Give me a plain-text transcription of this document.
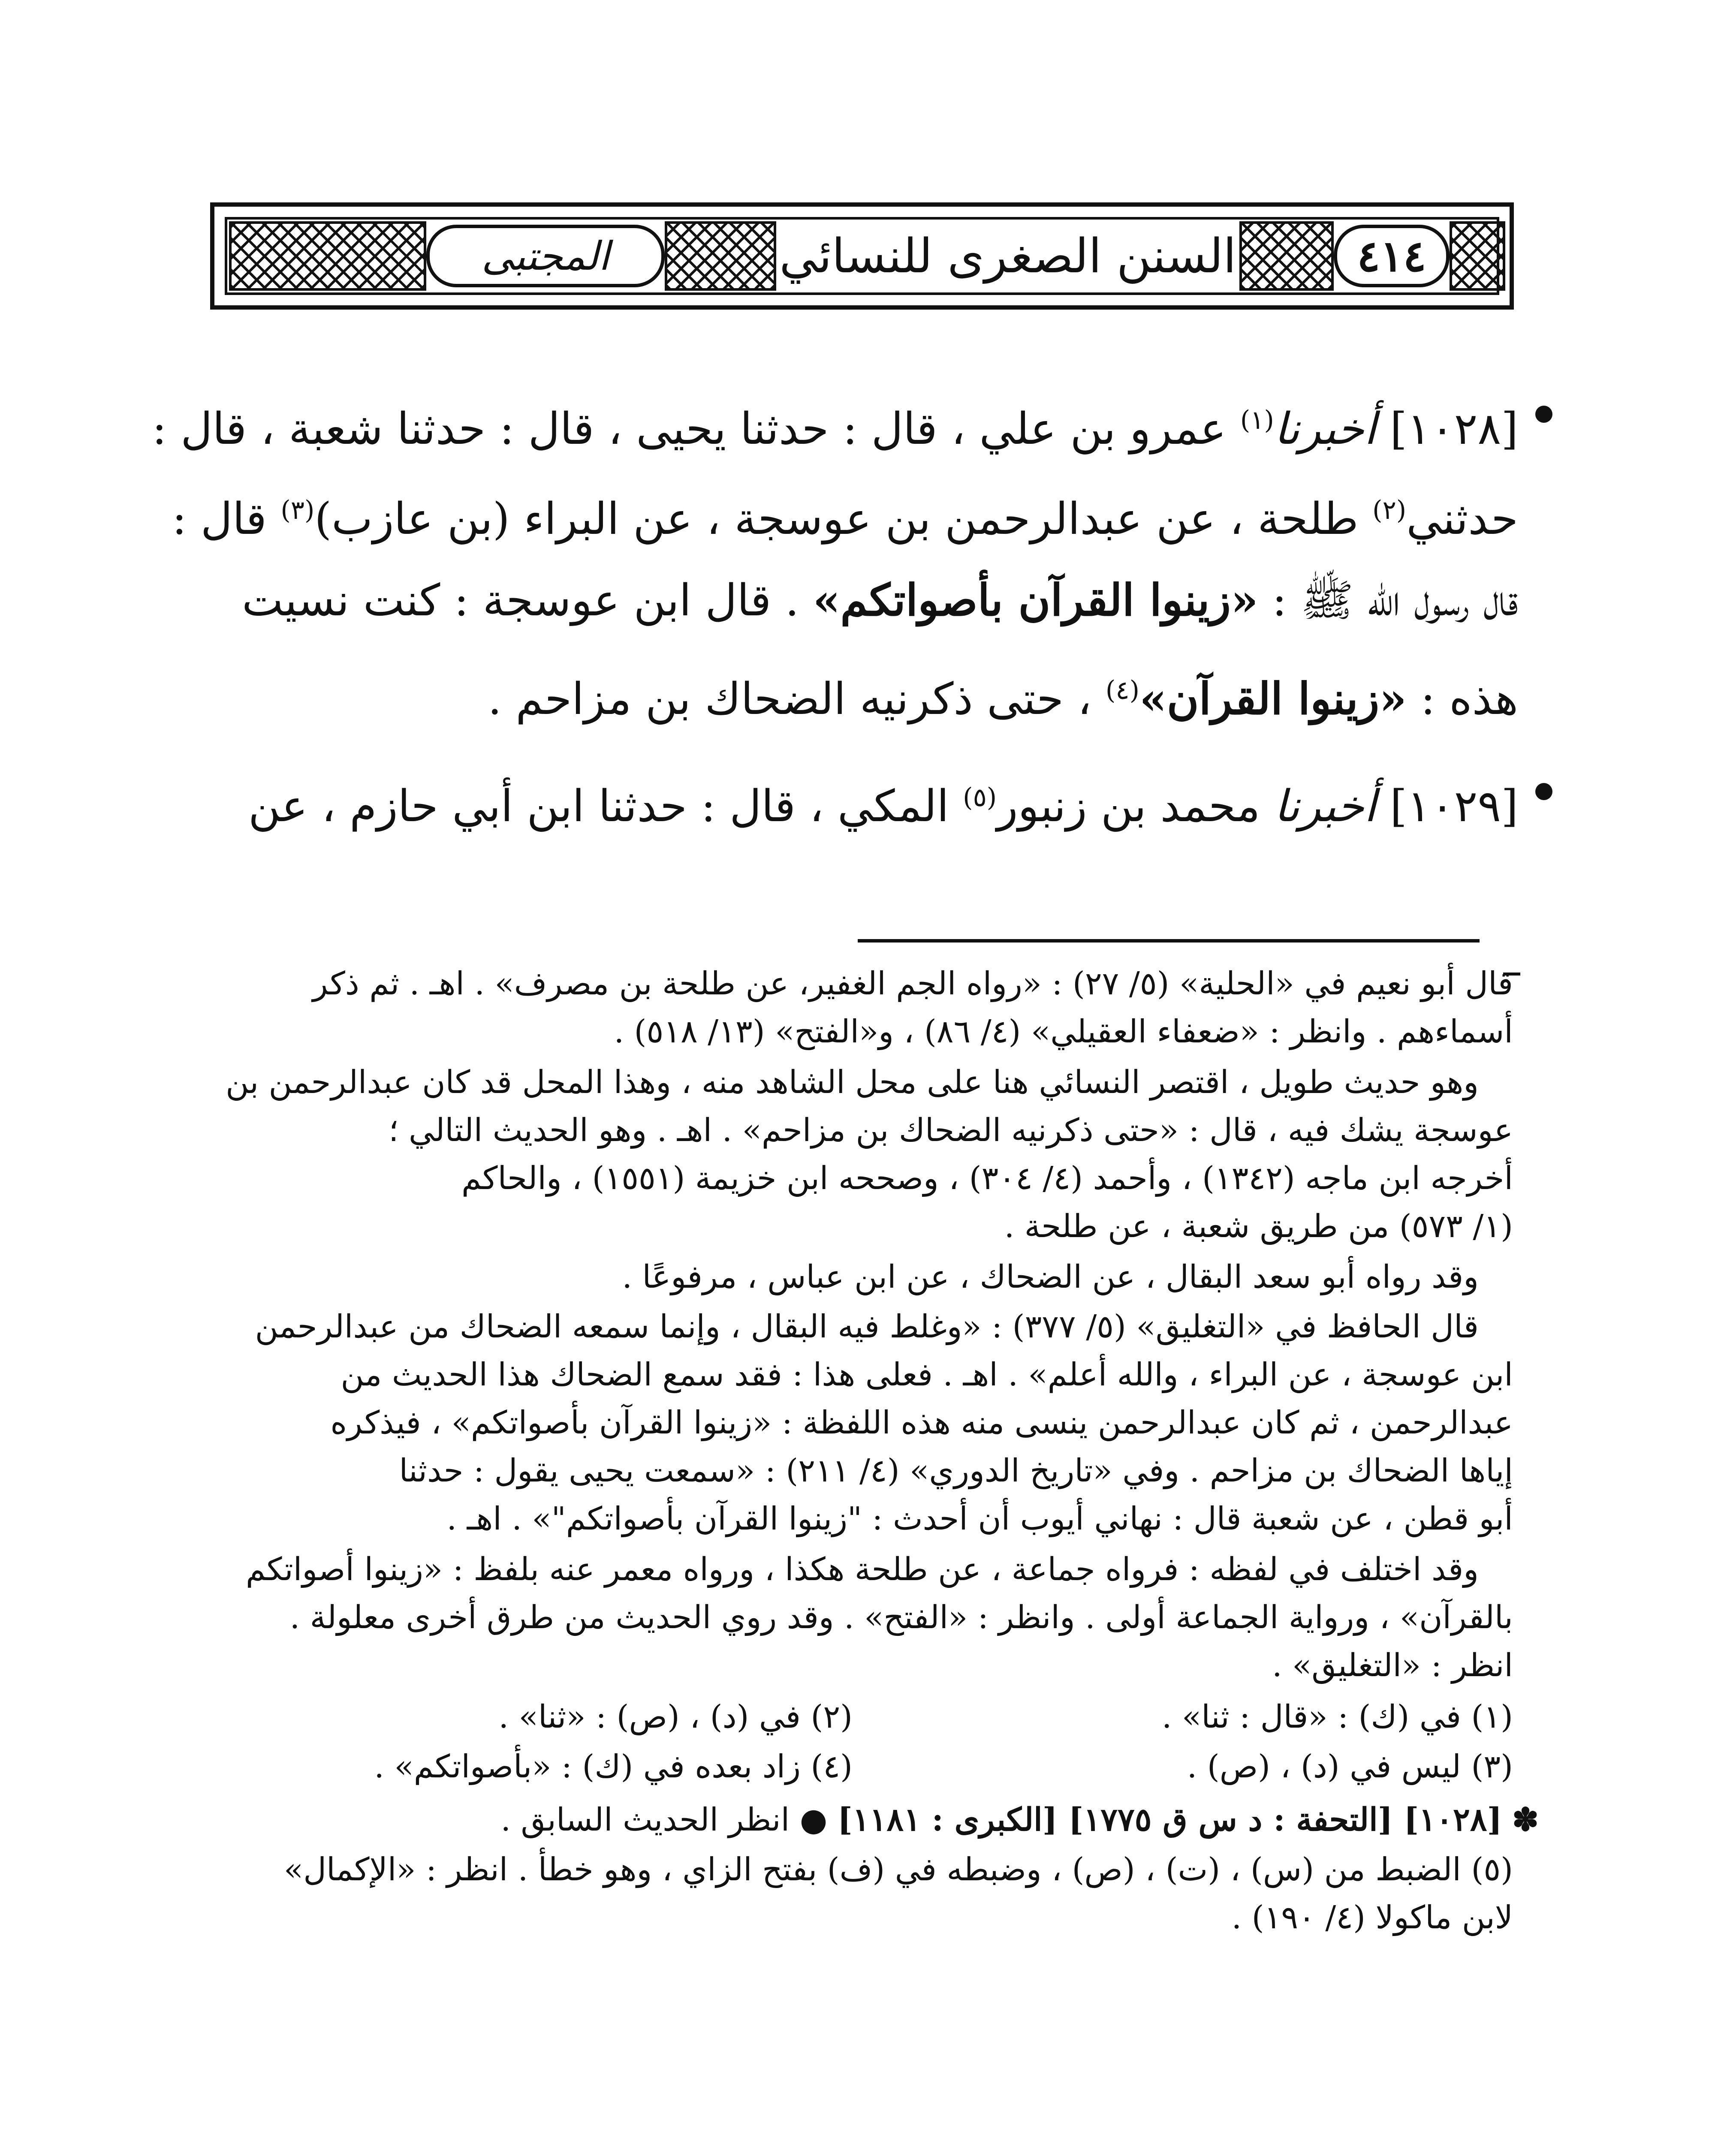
المجتبى	السنن الصغرى للنسائي	٤١٤
[١٠٢٨] أخبرنا$^{(١)}$ عمرو بن علي ، قال : حدثنا يحيى ، قال : حدثنا شعبة ، قال :
حدثني$^{(٢)}$ طلحة ، عن عبدالرحمن بن عوسجة ، عن البراء (بن عازب)$^{(٣)}$ قال :
قال رسول الله ﷺ : «زينوا القرآن بأصواتكم» . قال ابن عوسجة : كنت نسيت
هذه : «زينوا القرآن»$^{(٤)}$ ، حتى ذكرنيه الضحاك بن مزاحم .
[١٠٢٩] أخبرنا محمد بن زنبور$^{(٥)}$ المكي ، قال : حدثنا ابن أبي حازم ، عن
قال أبو نعيم في «الحلية» (٥/ ٢٧) : «رواه الجم الغفير، عن طلحة بن مصرف» . اهـ . ثم ذكر
أسماءهم . وانظر : «ضعفاء العقيلي» (٤/ ٨٦) ، و«الفتح» (١٣/ ٥١٨) .
وهو حديث طويل ، اقتصر النسائي هنا على محل الشاهد منه ، وهذا المحل قد كان عبدالرحمن بن
عوسجة يشك فيه ، قال : «حتى ذكرنيه الضحاك بن مزاحم» . اهـ . وهو الحديث التالي ؛
أخرجه ابن ماجه (١٣٤٢) ، وأحمد (٤/ ٣٠٤) ، وصححه ابن خزيمة (١٥٥١) ، والحاكم
(١/ ٥٧٣) من طريق شعبة ، عن طلحة .
وقد رواه أبو سعد البقال ، عن الضحاك ، عن ابن عباس ، مرفوعًا .
قال الحافظ في «التغليق» (٥/ ٣٧٧) : «وغلط فيه البقال ، وإنما سمعه الضحاك من عبدالرحمن
ابن عوسجة ، عن البراء ، والله أعلم» . اهـ . فعلى هذا : فقد سمع الضحاك هذا الحديث من
عبدالرحمن ، ثم كان عبدالرحمن ينسى منه هذه اللفظة : «زينوا القرآن بأصواتكم» ، فيذكره
إياها الضحاك بن مزاحم . وفي «تاريخ الدوري» (٤/ ٢١١) : «سمعت يحيى يقول : حدثنا
أبو قطن ، عن شعبة قال : نهاني أيوب أن أحدث : "زينوا القرآن بأصواتكم"» . اهـ .
وقد اختلف في لفظه : فرواه جماعة ، عن طلحة هكذا ، ورواه معمر عنه بلفظ : «زينوا أصواتكم
بالقرآن» ، ورواية الجماعة أولى . وانظر : «الفتح» . وقد روي الحديث من طرق أخرى معلولة .
انظر : «التغليق» .
(١) في (ك) : «قال : ثنا» .
(٢) في (د) ، (ص) : «ثنا» .
(٣) ليس في (د) ، (ص) .
(٤) زاد بعده في (ك) : «بأصواتكم» .
✽ [١٠٢٨] [التحفة : د س ق ١٧٧٥] [الكبرى : ١١٨١] ● انظر الحديث السابق .
(٥) الضبط من (س) ، (ت) ، (ص) ، وضبطه في (ف) بفتح الزاي ، وهو خطأ . انظر : «الإكمال»
لابن ماكولا (٤/ ١٩٠) .
